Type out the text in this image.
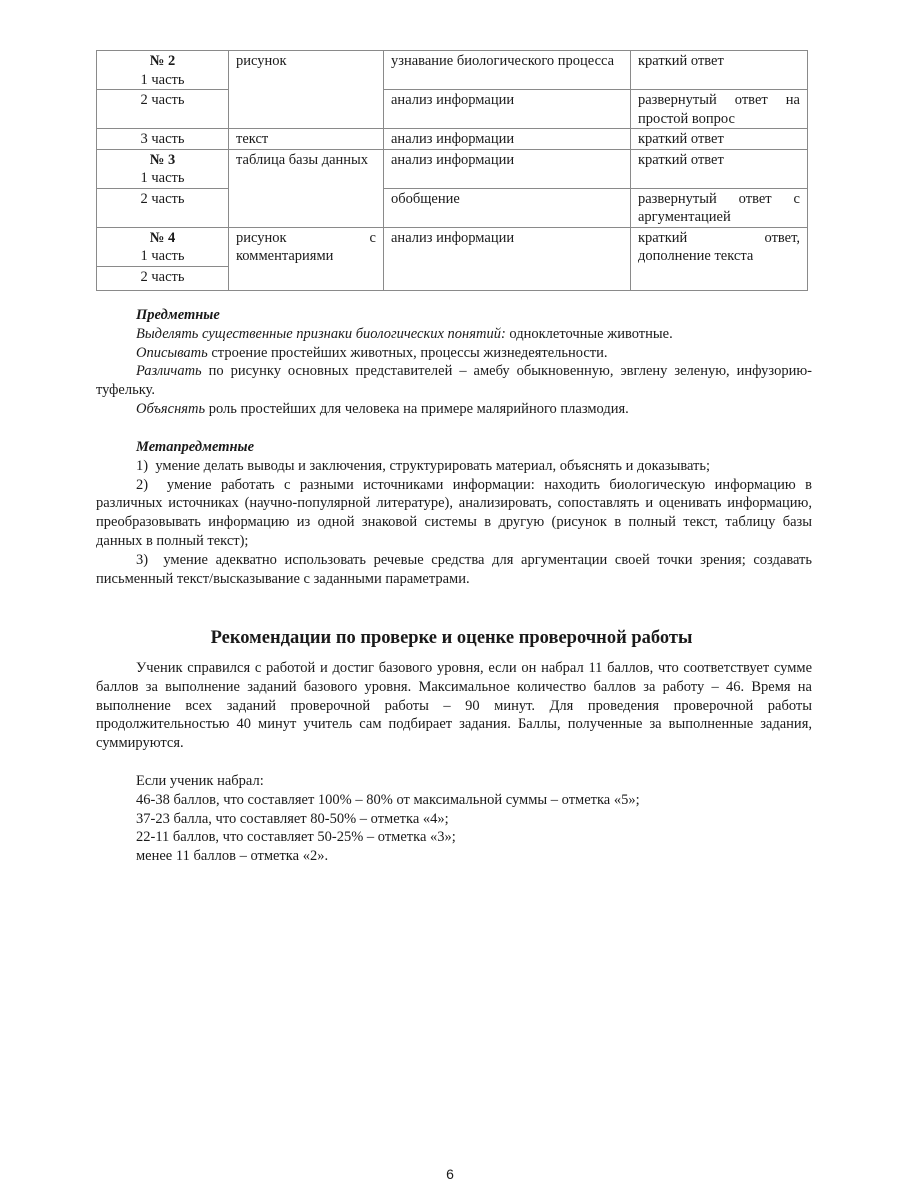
№ 2
1 часть	рисунок	узнавание биологического процесса	краткий ответ
2 часть		анализ информации	развернутый ответ на простой вопрос
3 часть	текст	анализ информации	краткий ответ

№ 3
1 часть	таблица базы данных	анализ информации	краткий ответ
2 часть		обобщение	развернутый ответ с аргументацией

№ 4
1 часть	рисунок с комментариями	анализ информации	краткий ответ, дополнение текста
2 часть			

Предметные

Выделять существенные признаки биологических понятий: одноклеточные животные.

Описывать строение простейших животных, процессы жизнедеятельности.

Различать по рисунку основных представителей – амебу обыкновенную, эвглену зеленую, инфузорию-туфельку.

Объяснять роль простейших для человека на примере малярийного плазмодия.

Метапредметные

1)  умение делать выводы и заключения, структурировать материал, объяснять и доказывать;

2)  умение работать с разными источниками информации: находить биологическую информацию в различных источниках (научно-популярной литературе), анализировать, сопоставлять и оценивать информацию, преобразовывать информацию из одной знаковой системы в другую (рисунок в полный текст, таблицу базы данных в полный текст);

3)  умение адекватно использовать речевые средства для аргументации своей точки зрения; создавать письменный текст/высказывание с заданными параметрами.

Рекомендации по проверке и оценке проверочной работы

Ученик справился с работой и достиг базового уровня, если он набрал 11 баллов, что соответствует сумме баллов за выполнение заданий базового уровня. Максимальное количество баллов за работу – 46. Время на выполнение всех заданий проверочной работы – 90 минут. Для проведения проверочной работы продолжительностью 40 минут учитель сам подбирает задания. Баллы, полученные за выполненные задания, суммируются.

Если ученик набрал:

46-38 баллов, что составляет 100% – 80% от максимальной суммы – отметка «5»;

37-23 балла, что составляет 80-50% – отметка «4»;

22-11 баллов, что составляет 50-25% – отметка «3»;

менее 11 баллов – отметка «2».

6
